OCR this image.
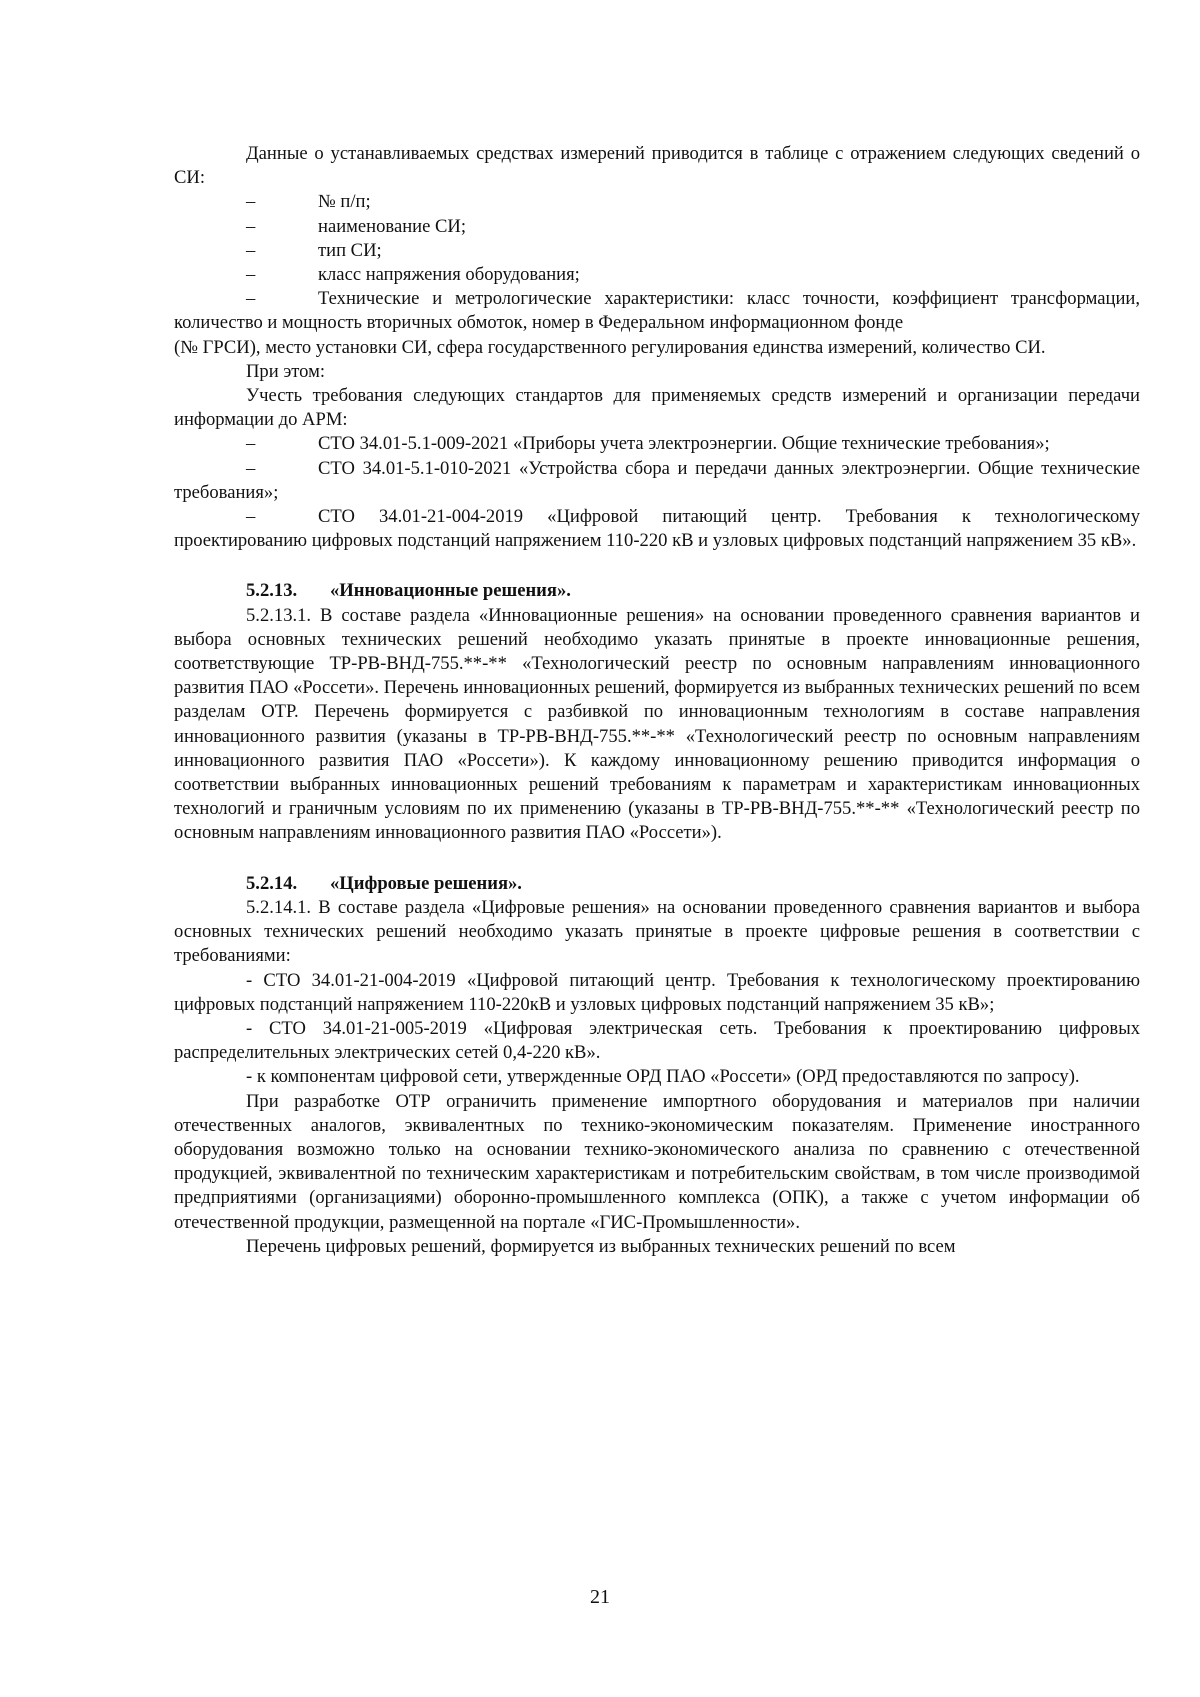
Данные о устанавливаемых средствах измерений приводится в таблице с отражением следующих сведений о СИ:

–	№ п/п;

–	наименование СИ;

–	тип СИ;

–	класс напряжения оборудования;

–	Технические и метрологические характеристики: класс точности, коэффициент трансформации, количество и мощность вторичных обмоток, номер в Федеральном информационном фонде

(№ ГРСИ), место установки СИ, сфера государственного регулирования единства измерений, количество СИ.

При этом:

Учесть требования следующих стандартов для применяемых средств измерений и организации передачи информации до АРМ:

–	СТО 34.01-5.1-009-2021 «Приборы учета электроэнергии. Общие технические требования»;

–	СТО 34.01-5.1-010-2021 «Устройства сбора и передачи данных электроэнергии. Общие технические требования»;

–	СТО 34.01-21-004-2019 «Цифровой питающий центр. Требования к технологическому проектированию цифровых подстанций напряжением 110-220 кВ и узловых цифровых подстанций напряжением 35 кВ».

5.2.13. «Инновационные решения».

5.2.13.1. В составе раздела «Инновационные решения» на основании проведенного сравнения вариантов и выбора основных технических решений необходимо указать принятые в проекте инновационные решения, соответствующие ТР-РВ-ВНД-755.**-** «Технологический реестр по основным направлениям инновационного развития ПАО «Россети». Перечень инновационных решений, формируется из выбранных технических решений по всем разделам ОТР. Перечень формируется с разбивкой по инновационным технологиям в составе направления инновационного развития (указаны в ТР-РВ-ВНД-755.**-** «Технологический реестр по основным направлениям инновационного развития ПАО «Россети»). К каждому инновационному решению приводится информация о соответствии выбранных инновационных решений требованиям к параметрам и характеристикам инновационных технологий и граничным условиям по их применению (указаны в ТР-РВ-ВНД-755.**-** «Технологический реестр по основным направлениям инновационного развития ПАО «Россети»).

5.2.14. «Цифровые решения».

5.2.14.1. В составе раздела «Цифровые решения» на основании проведенного сравнения вариантов и выбора основных технических решений необходимо указать принятые в проекте цифровые решения в соответствии с требованиями:

- СТО 34.01-21-004-2019 «Цифровой питающий центр. Требования к технологическому проектированию цифровых подстанций напряжением 110-220кВ и узловых цифровых подстанций напряжением 35 кВ»;

- СТО 34.01-21-005-2019 «Цифровая электрическая сеть. Требования к проектированию цифровых распределительных электрических сетей 0,4-220 кВ».

- к компонентам цифровой сети, утвержденные ОРД ПАО «Россети» (ОРД предоставляются по запросу).

При разработке ОТР ограничить применение импортного оборудования и материалов при наличии отечественных аналогов, эквивалентных по технико-экономическим показателям. Применение иностранного оборудования возможно только на основании технико-экономического анализа по сравнению с отечественной продукцией, эквивалентной по техническим характеристикам и потребительским свойствам, в том числе производимой предприятиями (организациями) оборонно-промышленного комплекса (ОПК), а также с учетом информации об отечественной продукции, размещенной на портале «ГИС-Промышленности».

Перечень цифровых решений, формируется из выбранных технических решений по всем

21
